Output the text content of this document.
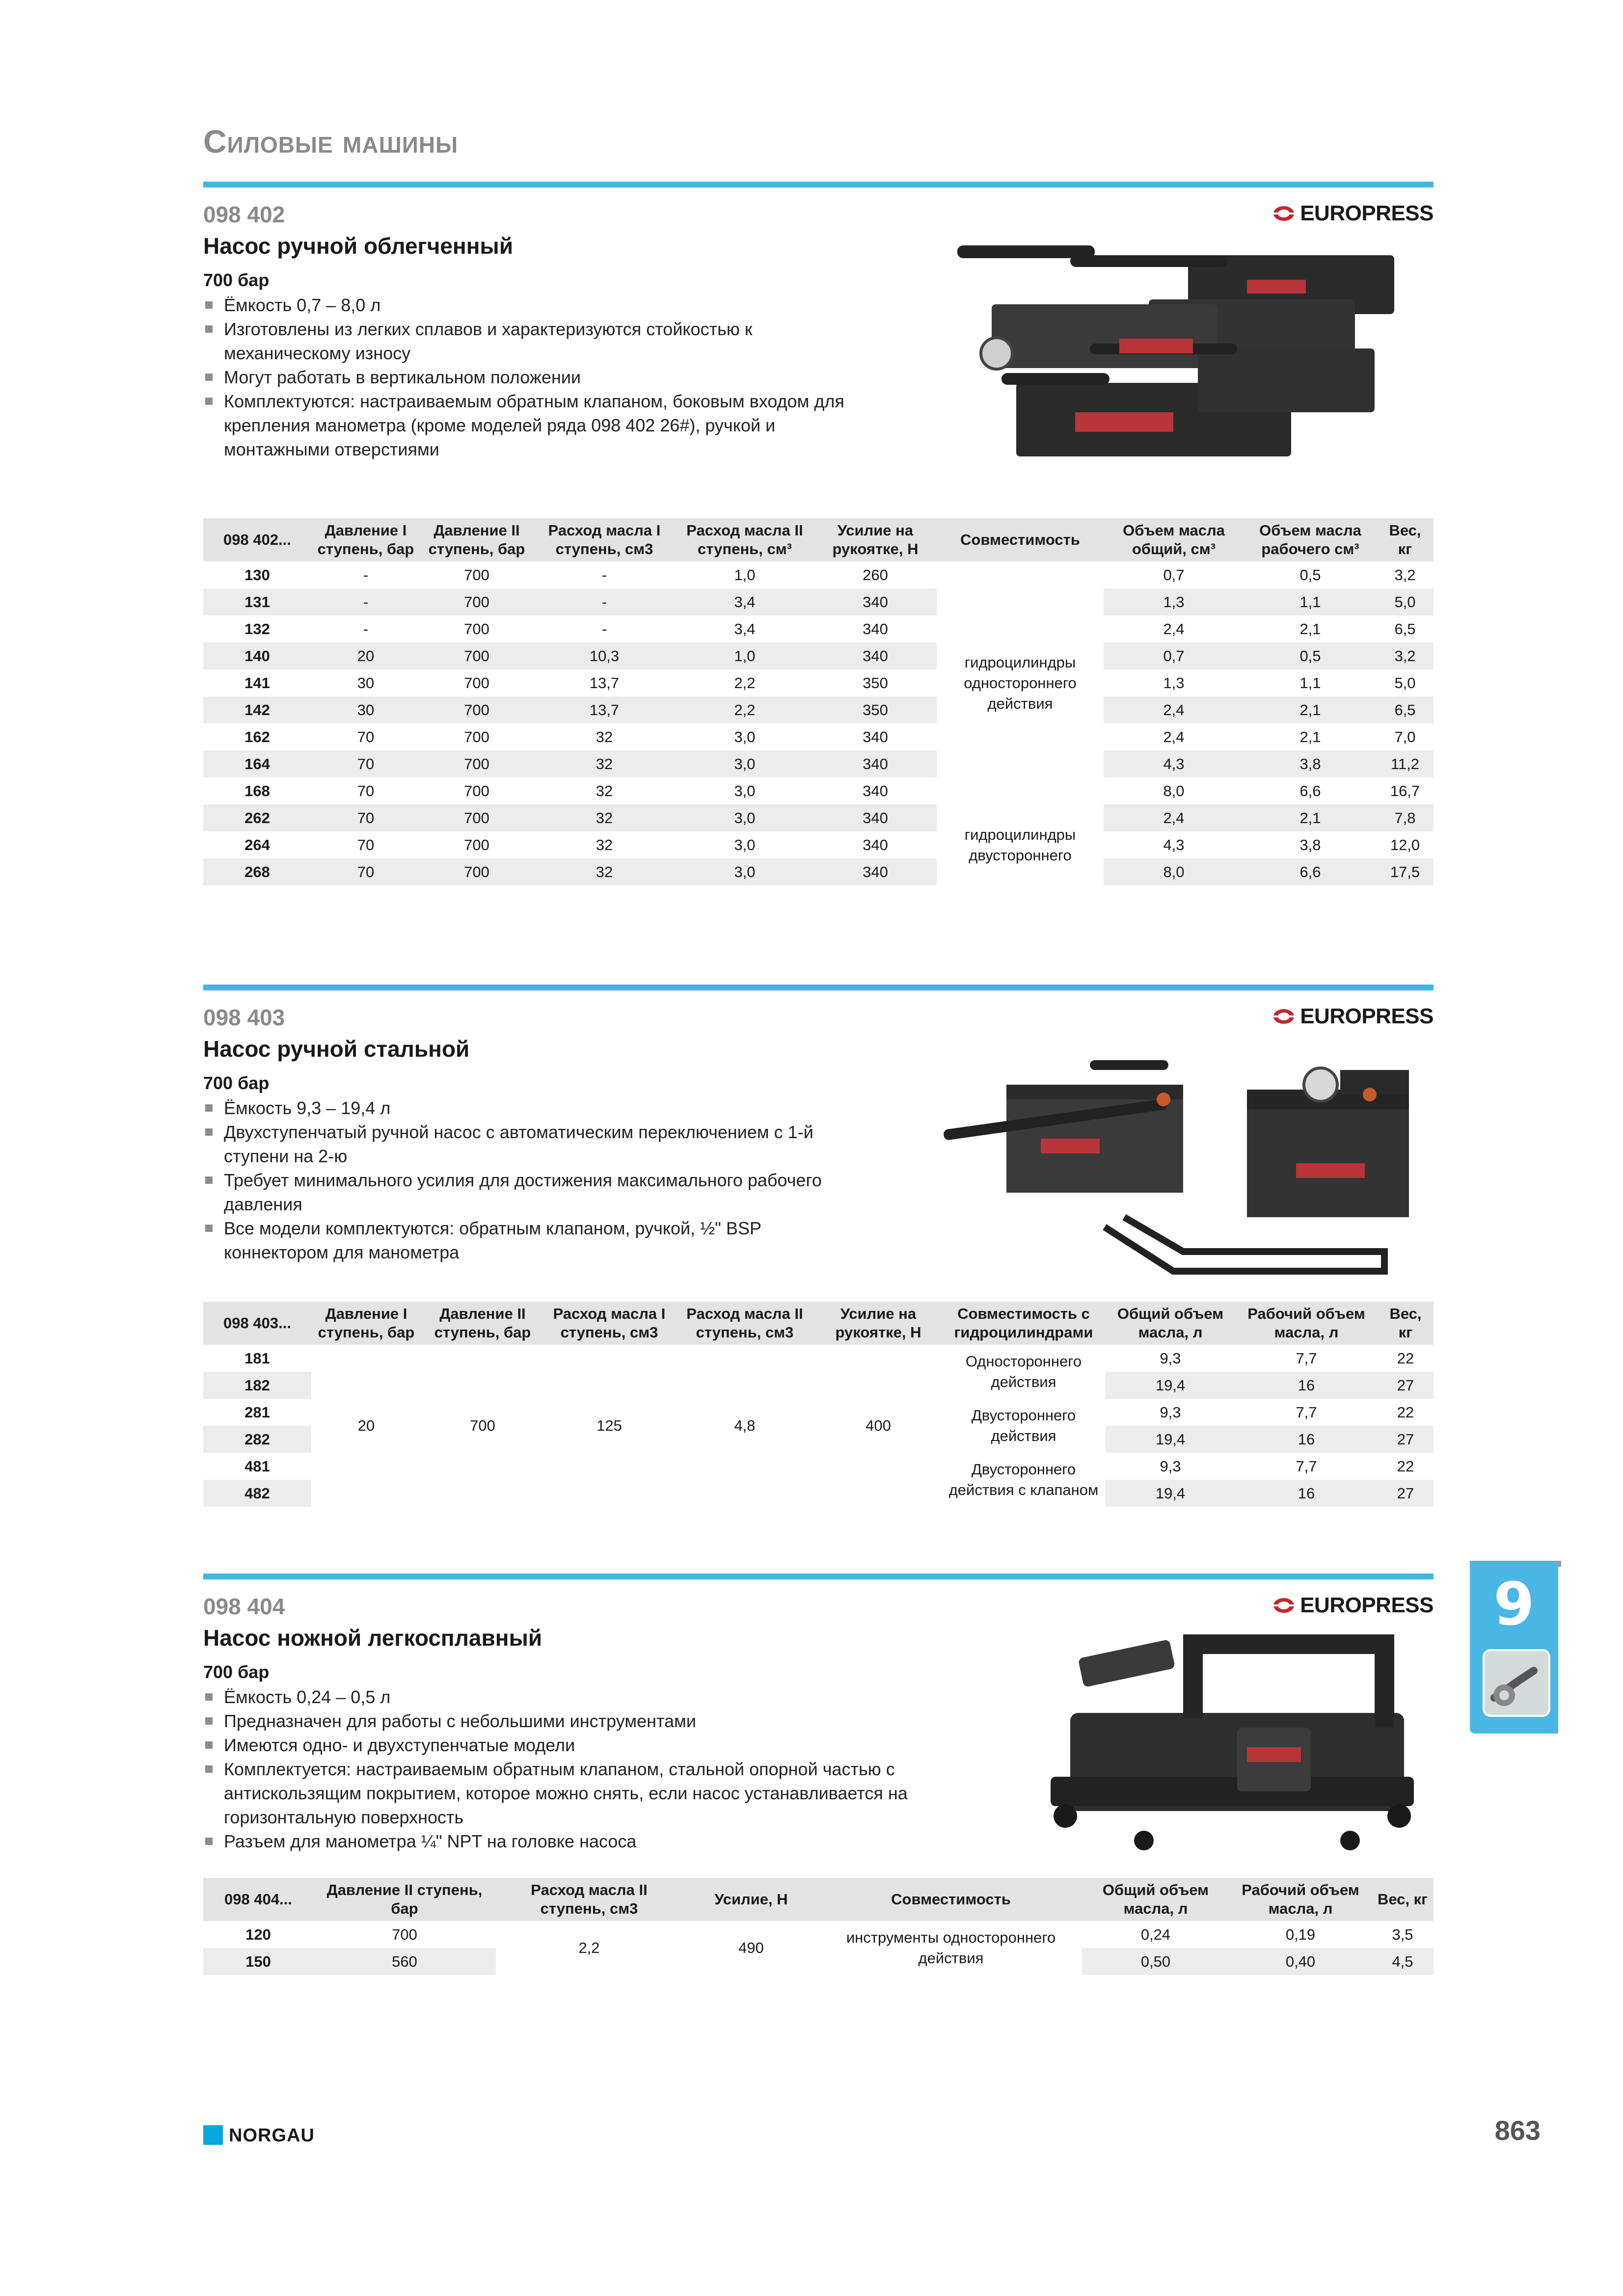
Силовые машины
098 402	EUROPRESS
Насос ручной облегченный
700 бар
Ёмкость 0,7 – 8,0 л
Изготовлены из легких сплавов и характеризуются стойкостью к механическому износу
Могут работать в вертикальном положении
Комплектуются: настраиваемым обратным клапаном, боковым входом для крепления манометра (кроме моделей ряда 098 402 26#), ручкой и монтажными отверстиями
098 402...	Давление I ступень, бар	Давление II ступень, бар	Расход масла I ступень, см3	Расход масла II ступень, см³	Усилие на рукоятке, Н	Совместимость	Объем масла общий, см³	Объем масла рабочего см³	Вес, кг
130	-	700	-	1,0	260	гидроцилиндры одностороннего действия	0,7	0,5	3,2
131	-	700	-	3,4	340		1,3	1,1	5,0
132	-	700	-	3,4	340		2,4	2,1	6,5
140	20	700	10,3	1,0	340		0,7	0,5	3,2
141	30	700	13,7	2,2	350		1,3	1,1	5,0
142	30	700	13,7	2,2	350		2,4	2,1	6,5
162	70	700	32	3,0	340		2,4	2,1	7,0
164	70	700	32	3,0	340		4,3	3,8	11,2
168	70	700	32	3,0	340		8,0	6,6	16,7
262	70	700	32	3,0	340	гидроцилиндры двустороннего	2,4	2,1	7,8
264	70	700	32	3,0	340		4,3	3,8	12,0
268	70	700	32	3,0	340		8,0	6,6	17,5
098 403	EUROPRESS
Насос ручной стальной
700 бар
Ёмкость 9,3 – 19,4 л
Двухступенчатый ручной насос с автоматическим переключением с 1-й ступени на 2-ю
Требует минимального усилия для достижения максимального рабочего давления
Все модели комплектуются: обратным клапаном, ручкой, ½" BSP коннектором для манометра
098 403...	Давление I ступень, бар	Давление II ступень, бар	Расход масла I ступень, см3	Расход масла II ступень, см3	Усилие на рукоятке, Н	Совместимость с гидроцилиндрами	Общий объем масла, л	Рабочий объем масла, л	Вес, кг
181	20	700	125	4,8	400	Одностороннего действия	9,3	7,7	22
182							19,4	16	27
281						Двустороннего действия	9,3	7,7	22
282							19,4	16	27
481						Двустороннего действия с клапаном	9,3	7,7	22
482							19,4	16	27
098 404	EUROPRESS
Насос ножной легкосплавный
700 бар
Ёмкость 0,24 – 0,5 л
Предназначен для работы с небольшими инструментами
Имеются одно- и двухступенчатые модели
Комплектуется: настраиваемым обратным клапаном, стальной опорной частью с антискользящим покрытием, которое можно снять, если насос устанавливается на горизонтальную поверхность
Разъем для манометра ¼" NPT на головке насоса
098 404...	Давление II ступень, бар	Расход масла II ступень, см3	Усилие, Н	Совместимость	Общий объем масла, л	Рабочий объем масла, л	Вес, кг
120	700	2,2	490	инструменты одностороннего действия	0,24	0,19	3,5
150	560				0,50	0,40	4,5
9
NORGAU	863
